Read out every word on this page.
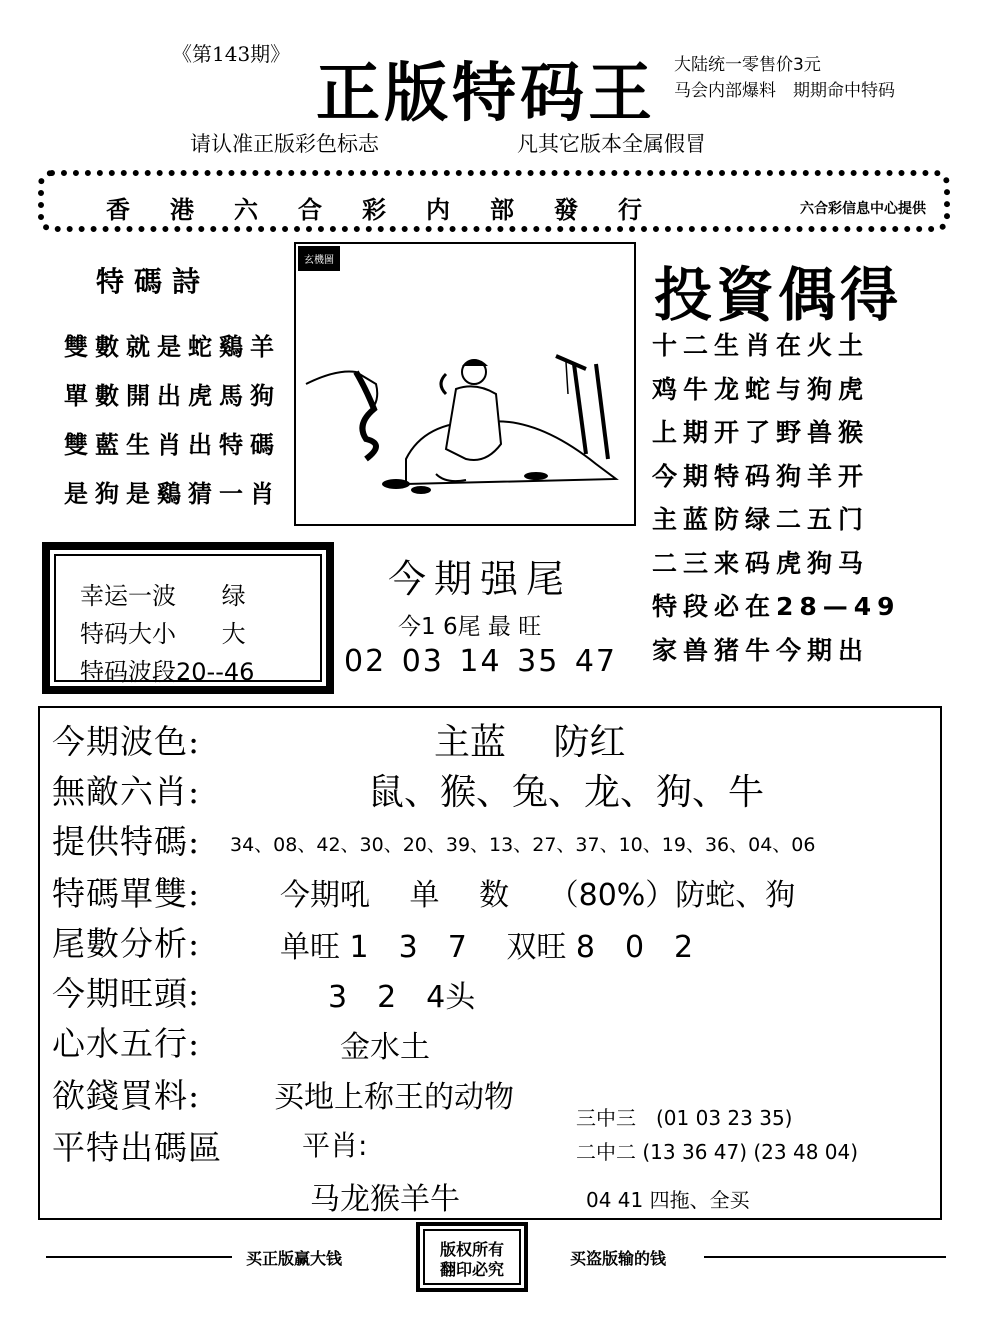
《第143期》
正版特码王 大陆统一零售价3元
马会内部爆料　期期命中特码
请认准正版彩色标志	凡其它版本全属假冒
香港六合彩内部發行	六合彩信息中心提供
特碼詩
雙數就是蛇鷄羊
單數開出虎馬狗
雙藍生肖出特碼
是狗是鷄猜一肖
玄機圖
投資偶得
十二生肖在火土
鸡牛龙蛇与狗虎
上期开了野兽猴
今期特码狗羊开
主蓝防绿二五门
二三来码虎狗马
特段必在28—49
家兽猪牛今期出
幸运一波 绿
特码大小 大
特码波段20--46
今期强尾
今1 6尾 最 旺
02 03 14 35 47
今期波色:	主蓝　 防红
無敵六肖:	鼠、猴、兔、龙、狗、牛
提供特碼: 34、08、42、30、20、39、13、27、37、10、19、36、04、06
特碼單雙:	今期吼　 单　 数　 （80%）防蛇、狗
尾數分析:	单旺 1　3　7　 双旺 8　0　2
今期旺頭:	3　2　4头
心水五行:	金水土
欲錢買料: 买地上称王的动物
平特出碼區	平肖:
马龙猴羊牛
三中三　(01 03 23 35)
二中二 (13 36 47) (23 48 04)
04 41 四拖、全买
买正版赢大钱	版权所有
翻印必究
买盗版输的钱
